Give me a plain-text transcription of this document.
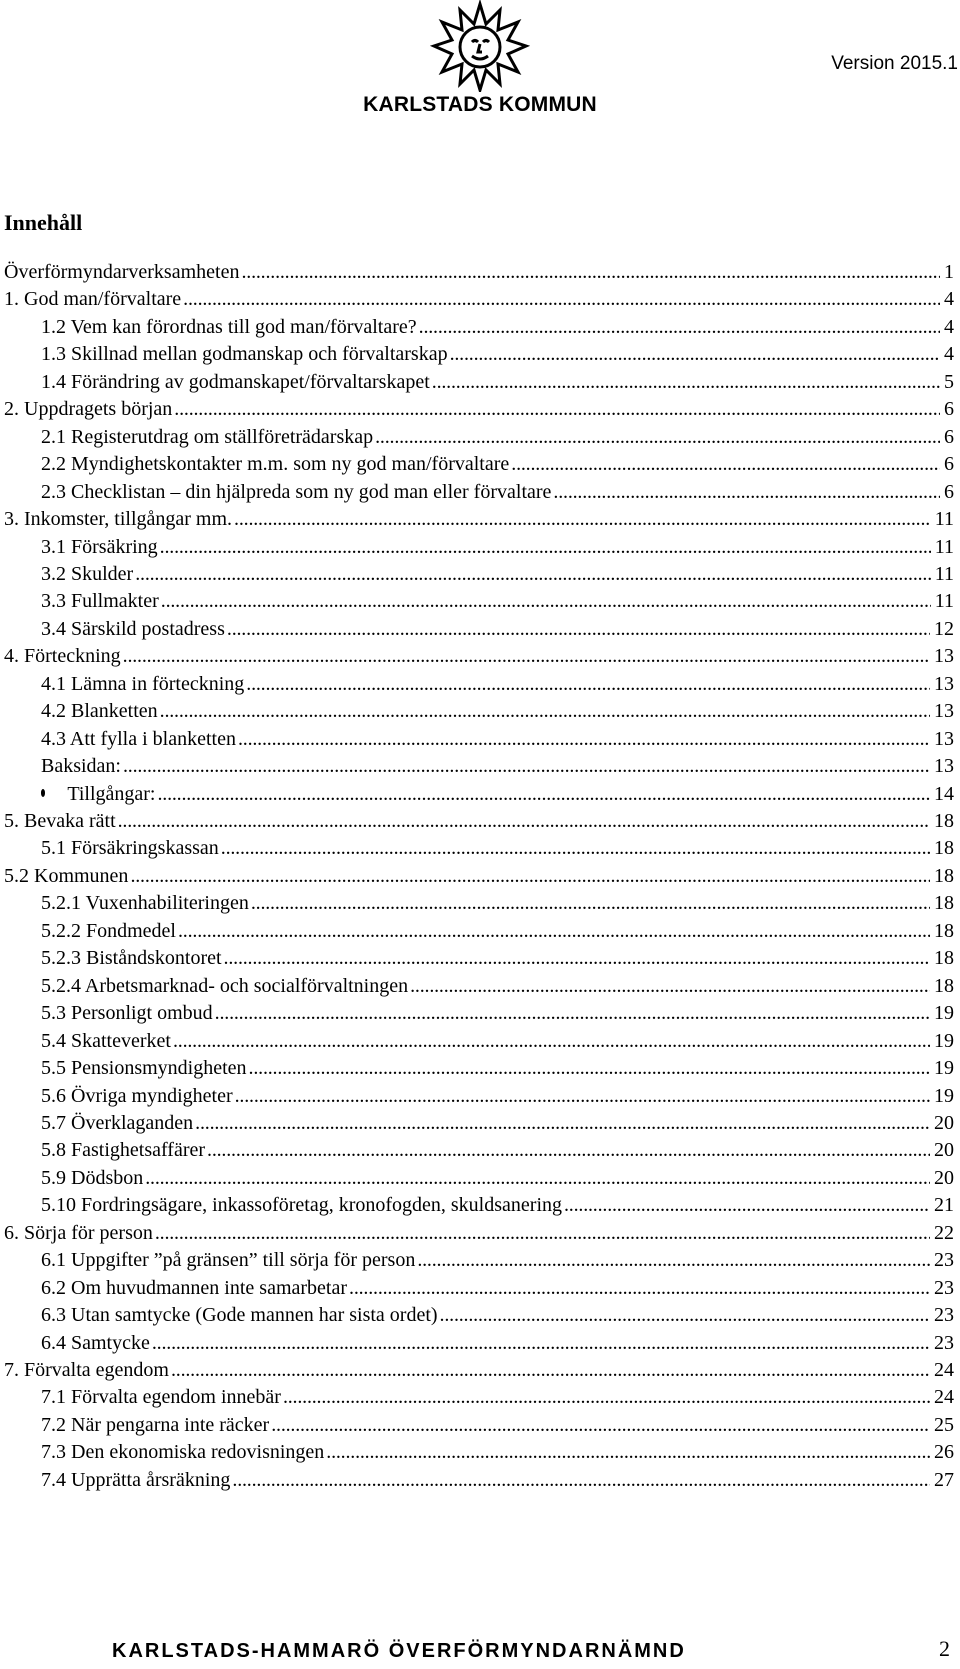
KARLSTADS KOMMUN
Version 2015.1
Innehåll
Överförmyndarverksamheten . . .	1
1. God man/förvaltare . . .	4
1.2 Vem kan förordnas till god man/förvaltare? . . .	4
1.3 Skillnad mellan godmanskap och förvaltarskap . . .	4
1.4 Förändring av godmanskapet/förvaltarskapet . . .	5
2. Uppdragets början . . .	6
2.1 Registerutdrag om ställföreträdarskap . . .	6
2.2 Myndighetskontakter m.m. som ny god man/förvaltare . . .	6
2.3 Checklistan – din hjälpreda som ny god man eller förvaltare . . .	6
3. Inkomster, tillgångar mm. . . .	11
3.1 Försäkring . . .	11
3.2 Skulder . . .	11
3.3 Fullmakter . . .	11
3.4 Särskild postadress . . .	12
4. Förteckning . . .	13
4.1 Lämna in förteckning . . .	13
4.2 Blanketten . . .	13
4.3 Att fylla i blanketten . . .	13
Baksidan: . . .	13
Tillgångar: . . .	14
5. Bevaka rätt . . .	18
5.1 Försäkringskassan . . .	18
5.2 Kommunen . . .	18
5.2.1 Vuxenhabiliteringen . . .	18
5.2.2 Fondmedel . . .	18
5.2.3 Biståndskontoret . . .	18
5.2.4 Arbetsmarknad- och socialförvaltningen . . .	18
5.3 Personligt ombud . . .	19
5.4 Skatteverket . . .	19
5.5 Pensionsmyndigheten . . .	19
5.6 Övriga myndigheter . . .	19
5.7 Överklaganden . . .	20
5.8 Fastighetsaffärer . . .	20
5.9 Dödsbon . . .	20
5.10 Fordringsägare, inkassoföretag, kronofogden, skuldsanering . . .	21
6. Sörja för person . . .	22
6.1 Uppgifter ”på gränsen” till sörja för person . . .	23
6.2 Om huvudmannen inte samarbetar . . .	23
6.3 Utan samtycke (Gode mannen har sista ordet) . . .	23
6.4 Samtycke . . .	23
7. Förvalta egendom . . .	24
7.1 Förvalta egendom innebär . . .	24
7.2 När pengarna inte räcker . . .	25
7.3 Den ekonomiska redovisningen . . .	26
7.4 Upprätta årsräkning . . .	27
KARLSTADS-HAMMARÖ ÖVERFÖRMYNDARNÄMND	2
